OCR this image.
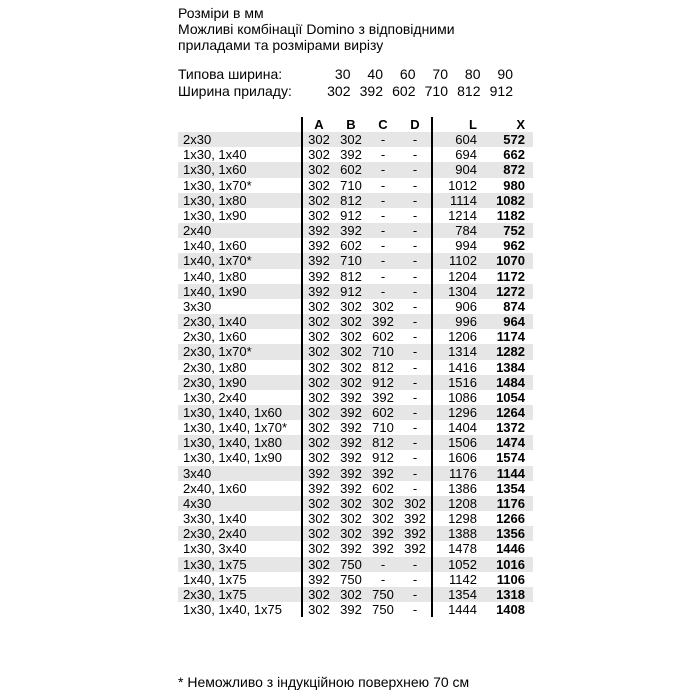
Розміри в мм
Можливі комбінації Domino з відповідними
приладами та розмірами вирізу
Типова ширина:	30	40	60	70	80	90
Ширина приладу:	302 392 602 710 812 912
	A	B	C	D	L	X
2x30	302	302	-	-	604	572
1x30, 1x40	302	392	-	-	694	662
1x30, 1x60	302	602	-	-	904	872
1x30, 1x70*	302	710	-	-	1012	980
1x30, 1x80	302	812	-	-	1114	1082
1x30, 1x90	302	912	-	-	1214	1182
2x40	392	392	-	-	784	752
1x40, 1x60	392	602	-	-	994	962
1x40, 1x70*	392	710	-	-	1102	1070
1x40, 1x80	392	812	-	-	1204	1172
1x40, 1x90	392	912	-	-	1304	1272
3x30	302	302	302	-	906	874
2x30, 1x40	302	302	392	-	996	964
2x30, 1x60	302	302	602	-	1206	1174
2x30, 1x70*	302	302	710	-	1314	1282
2x30, 1x80	302	302	812	-	1416	1384
2x30, 1x90	302	302	912	-	1516	1484
1x30, 2x40	302	392	392	-	1086	1054
1x30, 1x40, 1x60	302	392	602	-	1296	1264
1x30, 1x40, 1x70*	302	392	710	-	1404	1372
1x30, 1x40, 1x80	302	392	812	-	1506	1474
1x30, 1x40, 1x90	302	392	912	-	1606	1574
3x40	392	392	392	-	1176	1144
2x40, 1x60	392	392	602	-	1386	1354
4x30	302	302	302	302	1208	1176
3x30, 1x40	302	302	302	392	1298	1266
2x30, 2x40	302	302	392	392	1388	1356
1x30, 3x40	302	392	392	392	1478	1446
1x30, 1x75	302	750	-	-	1052	1016
1x40, 1x75	392	750	-	-	1142	1106
2x30, 1x75	302	302	750	-	1354	1318
1x30, 1x40, 1x75	302	392	750	-	1444	1408
* Неможливо з індукційною поверхнею 70 см
